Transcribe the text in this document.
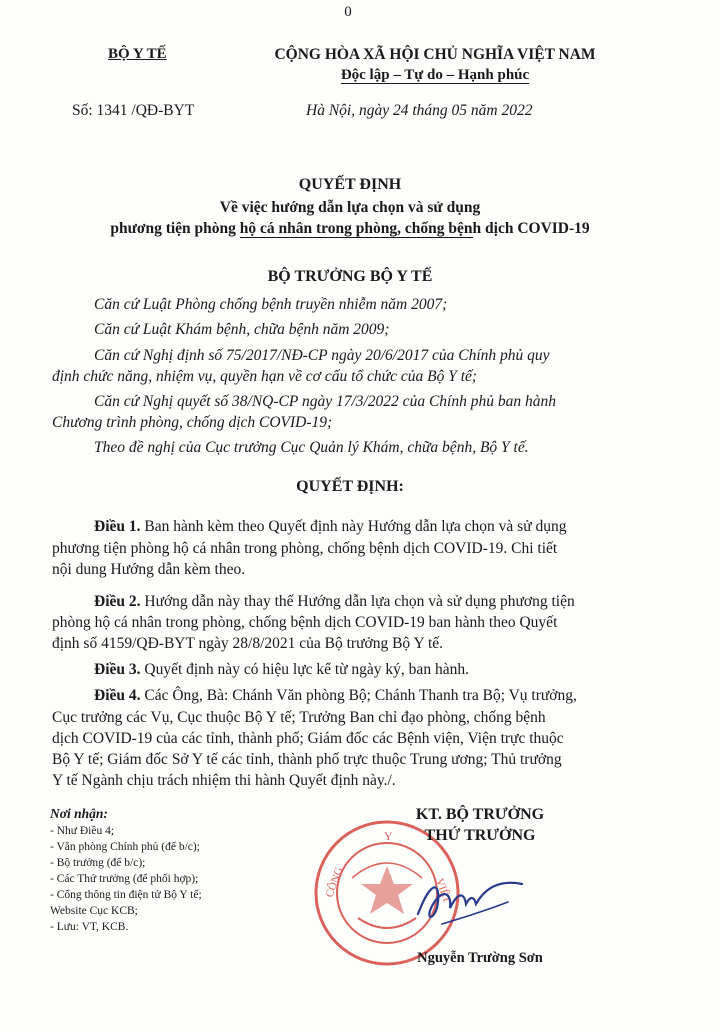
0
BỘ Y TẾ	CỘNG HÒA XÃ HỘI CHỦ NGHĨA VIỆT NAM
Độc lập – Tự do – Hạnh phúc
Số: 1341 /QĐ-BYT	Hà Nội, ngày 24 tháng 05 năm 2022
QUYẾT ĐỊNH
Về việc hướng dẫn lựa chọn và sử dụng
phương tiện phòng hộ cá nhân trong phòng, chống bệnh dịch COVID-19
BỘ TRƯỞNG BỘ Y TẾ
Căn cứ Luật Phòng chống bệnh truyền nhiễm năm 2007;
Căn cứ Luật Khám bệnh, chữa bệnh năm 2009;
Căn cứ Nghị định số 75/2017/NĐ-CP ngày 20/6/2017 của Chính phủ quy
định chức năng, nhiệm vụ, quyền hạn về cơ cấu tổ chức của Bộ Y tế;
Căn cứ Nghị quyết số 38/NQ-CP ngày 17/3/2022 của Chính phủ ban hành
Chương trình phòng, chống dịch COVID-19;
Theo đề nghị của Cục trưởng Cục Quản lý Khám, chữa bệnh, Bộ Y tế.
QUYẾT ĐỊNH:
Điều 1. Ban hành kèm theo Quyết định này Hướng dẫn lựa chọn và sử dụng
phương tiện phòng hộ cá nhân trong phòng, chống bệnh dịch COVID-19. Chi tiết
nội dung Hướng dẫn kèm theo.
Điều 2. Hướng dẫn này thay thế Hướng dẫn lựa chọn và sử dụng phương tiện
phòng hộ cá nhân trong phòng, chống bệnh dịch COVID-19 ban hành theo Quyết
định số 4159/QĐ-BYT ngày 28/8/2021 của Bộ trưởng Bộ Y tế.
Điều 3. Quyết định này có hiệu lực kể từ ngày ký, ban hành.
Điều 4. Các Ông, Bà: Chánh Văn phòng Bộ; Chánh Thanh tra Bộ; Vụ trưởng,
Cục trưởng các Vụ, Cục thuộc Bộ Y tế; Trưởng Ban chỉ đạo phòng, chống bệnh
dịch COVID-19 của các tỉnh, thành phố; Giám đốc các Bệnh viện, Viện trực thuộc
Bộ Y tế; Giám đốc Sở Y tế các tỉnh, thành phố trực thuộc Trung ương; Thủ trưởng
Y tế Ngành chịu trách nhiệm thi hành Quyết định này./.
Y
CỘNG	VIỆT
Nơi nhận:
- Như Điều 4;
- Văn phòng Chính phủ (để b/c);
- Bộ trưởng (để b/c);
- Các Thứ trưởng (để phối hợp);
- Cổng thông tin điện tử Bộ Y tế;
Website Cục KCB;
- Lưu: VT, KCB.
KT. BỘ TRƯỞNG
THỨ TRƯỞNG
Nguyễn Trường Sơn
